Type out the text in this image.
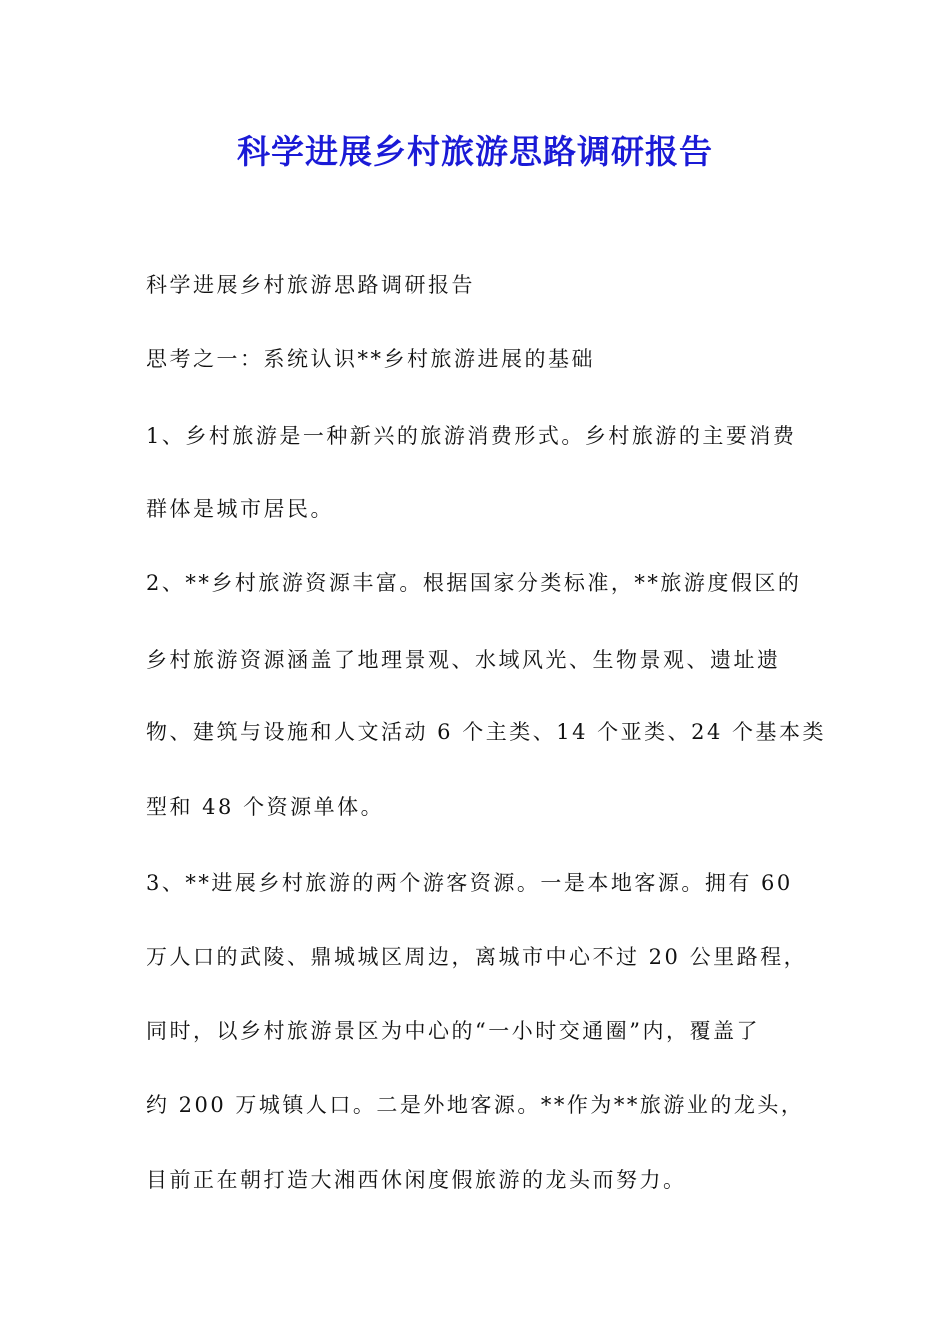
科学进展乡村旅游思路调研报告
科学进展乡村旅游思路调研报告
思考之一：系统认识**乡村旅游进展的基础
1、乡村旅游是一种新兴的旅游消费形式。乡村旅游的主要消费
群体是城市居民。
2、**乡村旅游资源丰富。根据国家分类标准，**旅游度假区的
乡村旅游资源涵盖了地理景观、水域风光、生物景观、遗址遗
物、建筑与设施和人文活动 6 个主类、14 个亚类、24 个基本类
型和 48 个资源单体。
3、**进展乡村旅游的两个游客资源。一是本地客源。拥有 60
万人口的武陵、鼎城城区周边，离城市中心不过 20 公里路程，
同时，以乡村旅游景区为中心的“一小时交通圈”内，覆盖了
约 200 万城镇人口。二是外地客源。**作为**旅游业的龙头，
目前正在朝打造大湘西休闲度假旅游的龙头而努力。
